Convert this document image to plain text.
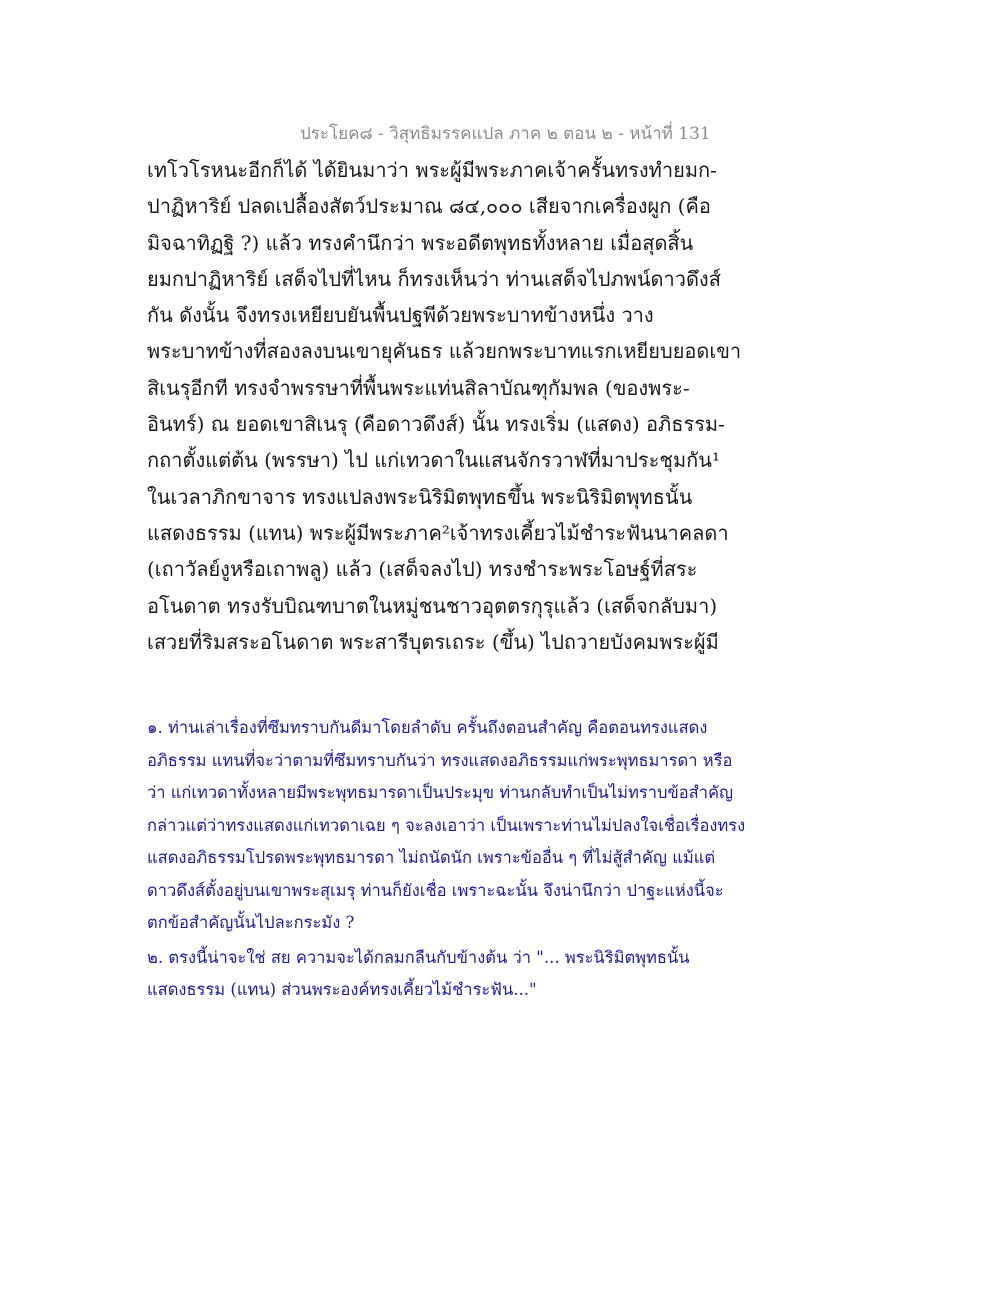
ประโยค๘ - วิสุทธิมรรคแปล ภาค ๒ ตอน ๒ - หน้าที่ 131
เทโวโรหนะอีกก็ได้ ได้ยินมาว่า พระผู้มีพระภาคเจ้าครั้นทรงทำยมก-
ปาฏิหาริย์ ปลดเปลื้องสัตว์ประมาณ ๘๔,๐๐๐ เสียจากเครื่องผูก (คือ
มิจฉาทิฏฐิ ?) แล้ว ทรงคำนึกว่า พระอดีตพุทธทั้งหลาย เมื่อสุดสิ้น
ยมกปาฏิหาริย์ เสด็จไปที่ไหน ก็ทรงเห็นว่า ท่านเสด็จไปภพน์ดาวดึงส์
กัน ดังนั้น จึงทรงเหยียบยันพื้นปฐพีด้วยพระบาทข้างหนึ่ง วาง
พระบาทข้างที่สองลงบนเขายุคันธร แล้วยกพระบาทแรกเหยียบยอดเขา
สิเนรุอีกที ทรงจำพรรษาที่พื้นพระแท่นสิลาบัณฑุกัมพล (ของพระ-
อินทร์) ณ ยอดเขาสิเนรุ (คือดาวดึงส์) นั้น ทรงเริ่ม (แสดง) อภิธรรม-
กถาตั้งแต่ต้น (พรรษา) ไป แก่เทวดาในแสนจักรวาฬที่มาประชุมกัน¹
ในเวลาภิกขาจาร ทรงแปลงพระนิริมิตพุทธขึ้น พระนิริมิตพุทธนั้น
แสดงธรรม (แทน) พระผู้มีพระภาค²เจ้าทรงเคี้ยวไม้ชำระฟันนาคลดา
(เถาวัลย์งูหรือเถาพลู) แล้ว (เสด็จลงไป) ทรงชำระพระโอษฐ์ที่สระ
อโนดาต ทรงรับบิณฑบาตในหมู่ชนชาวอุตตรกุรุแล้ว (เสด็จกลับมา)
เสวยที่ริมสระอโนดาต พระสารีบุตรเถระ (ขึ้น) ไปถวายบังคมพระผู้มี
๑. ท่านเล่าเรื่องที่ซึมทราบกันดีมาโดยลำดับ ครั้นถึงตอนสำคัญ คือตอนทรงแสดง
อภิธรรม แทนที่จะว่าตามที่ซึมทราบกันว่า ทรงแสดงอภิธรรมแก่พระพุทธมารดา หรือ
ว่า แก่เทวดาทั้งหลายมีพระพุทธมารดาเป็นประมุข ท่านกลับทำเป็นไม่ทราบข้อสำคัญ
กล่าวแต่ว่าทรงแสดงแก่เทวดาเฉย ๆ จะลงเอาว่า เป็นเพราะท่านไม่ปลงใจเชื่อเรื่องทรง
แสดงอภิธรรมโปรดพระพุทธมารดา ไม่ถนัดนัก เพราะข้ออื่น ๆ ที่ไม่สู้สำคัญ แม้แต่
ดาวดึงส์ตั้งอยู่บนเขาพระสุเมรุ ท่านก็ยังเชื่อ เพราะฉะนั้น จึงน่านึกว่า ปาฐะแห่งนี้จะ
ตกข้อสำคัญนั้นไปละกระมัง ?
๒. ตรงนี้น่าจะใช่ สย ความจะได้กลมกลืนกับข้างต้น ว่า "... พระนิริมิตพุทธนั้น
แสดงธรรม (แทน) ส่วนพระองค์ทรงเคี้ยวไม้ชำระฟัน..."
